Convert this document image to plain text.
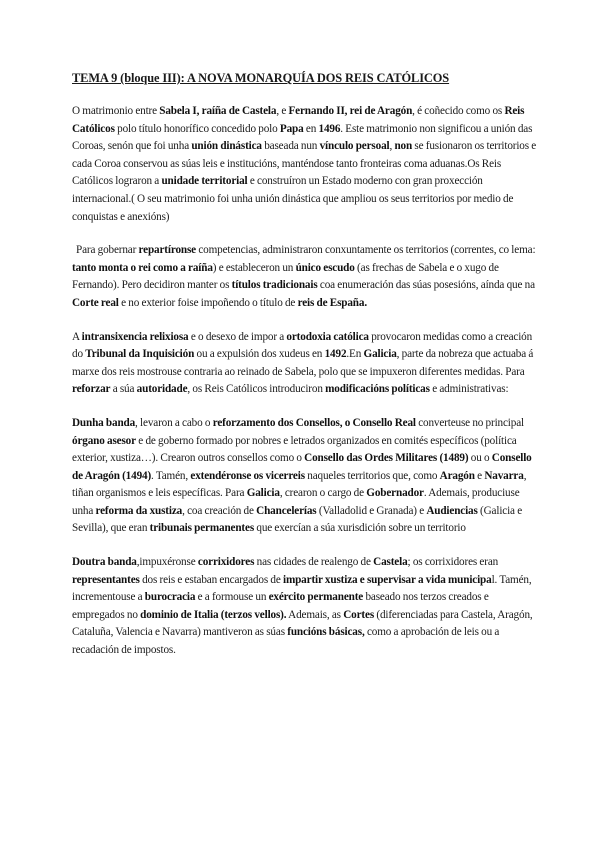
TEMA 9 (bloque III): A NOVA MONARQUÍA DOS REIS CATÓLICOS

O matrimonio entre Sabela I, raíña de Castela, e Fernando II, rei de Aragón, é coñecido como os Reis Católicos polo título honorífico concedido polo Papa en 1496. Este matrimonio non significou a unión das Coroas, senón que foi unha unión dinástica baseada nun vínculo persoal, non se fusionaron os territorios e cada Coroa conservou as súas leis e institucións, manténdose tanto fronteiras coma aduanas.Os Reis Católicos lograron a unidade territorial e construíron un Estado moderno con gran proxección internacional.( O seu matrimonio foi unha unión dinástica que ampliou os seus territorios por medio de conquistas e anexións)

Para gobernar repartíronse competencias, administraron conxuntamente os territorios (correntes, co lema: tanto monta o rei como a raíña) e estableceron un único escudo (as frechas de Sabela e o xugo de Fernando). Pero decidiron manter os títulos tradicionais coa enumeración das súas posesións, aínda que na Corte real e no exterior foise impoñendo o título de reis de España.

A intransixencia relixiosa e o desexo de impor a ortodoxia católica provocaron medidas como a creación do Tribunal da Inquisición ou a expulsión dos xudeus en 1492.En Galicia, parte da nobreza que actuaba á marxe dos reis mostrouse contraria ao reinado de Sabela, polo que se impuxeron diferentes medidas. Para reforzar a súa autoridade, os Reis Católicos introduciron modificacións políticas e administrativas:

Dunha banda, levaron a cabo o reforzamento dos Consellos, o Consello Real converteuse no principal órgano asesor e de goberno formado por nobres e letrados organizados en comités específicos (política exterior, xustiza…). Crearon outros consellos como o Consello das Ordes Militares (1489) ou o Consello de Aragón (1494). Tamén, extendéronse os vicerreis naqueles territorios que, como Aragón e Navarra, tiñan organismos e leis específicas. Para Galicia, crearon o cargo de Gobernador. Ademais, produciuse unha reforma da xustiza, coa creación de Chancelerías (Valladolid e Granada) e Audiencias (Galicia e Sevilla), que eran tribunais permanentes que exercían a súa xurisdición sobre un territorio

Doutra banda,impuxéronse corrixidores nas cidades de realengo de Castela; os corrixidores eran representantes dos reis e estaban encargados de impartir xustiza e supervisar a vida municipal. Tamén, incrementouse a burocracia e a formouse un exército permanente baseado nos terzos creados e empregados no dominio de Italia (terzos vellos). Ademais, as Cortes (diferenciadas para Castela, Aragón, Cataluña, Valencia e Navarra) mantiveron as súas funcións básicas, como a aprobación de leis ou a recadación de impostos.
